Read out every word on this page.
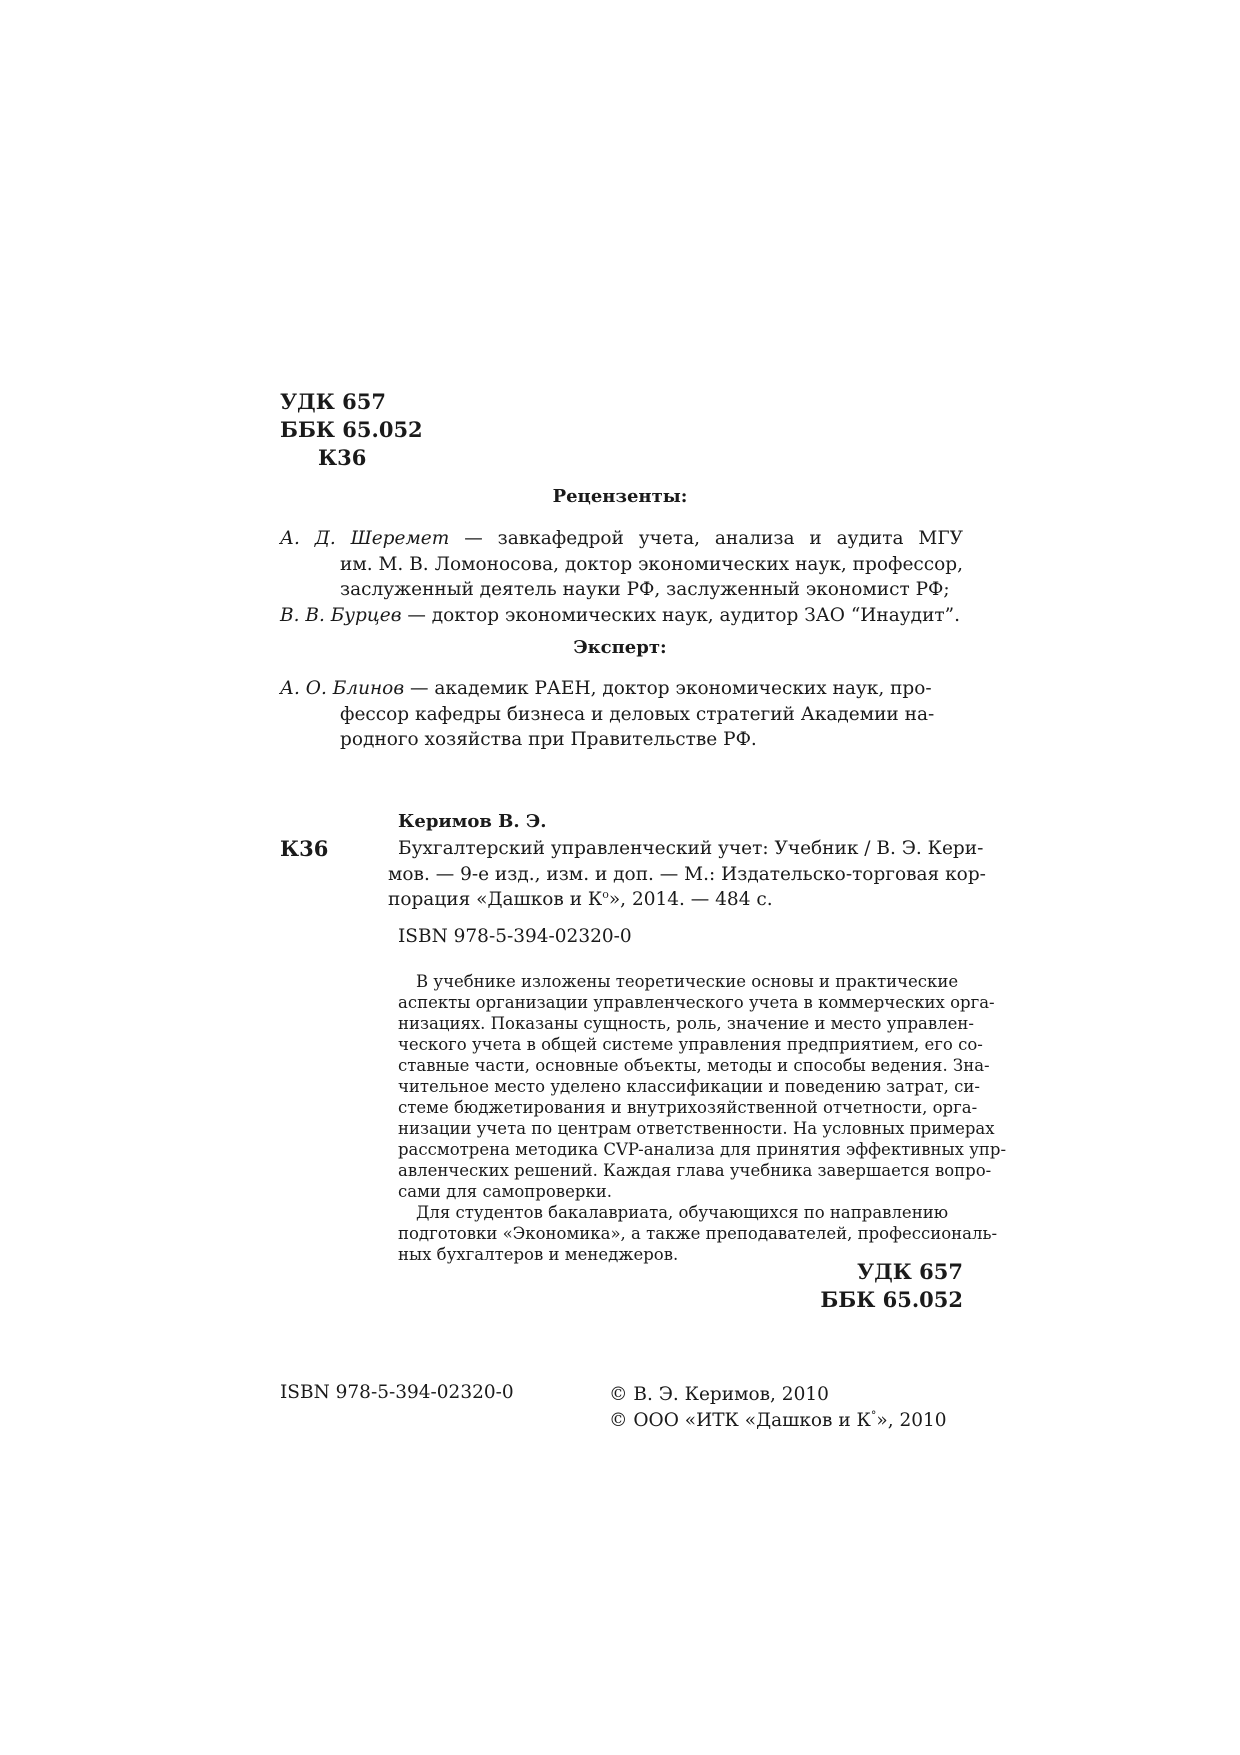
УДК 657
ББК 65.052
К36
Рецензенты:
А. Д. Шеремет — завкафедрой учета, анализа и аудита МГУ
им. М. В. Ломоносова, доктор экономических наук, профессор,
заслуженный деятель науки РФ, заслуженный экономист РФ;
В. В. Бурцев — доктор экономических наук, аудитор ЗАО “Инаудит”.
Эксперт:
А. О. Блинов — академик РАЕН, доктор экономических наук, про-
фессор кафедры бизнеса и деловых стратегий Академии на-
родного хозяйства при Правительстве РФ.
Керимов В. Э.
К36	Бухгалтерский управленческий учет: Учебник / В. Э. Кери-
мов. — 9-е изд., изм. и доп. — М.: Издательско-торговая кор-
порация «Дашков и $К^о$», 2014. — 484 с.
ISBN 978-5-394-02320-0
В учебнике изложены теоретические основы и практические
аспекты организации управленческого учета в коммерческих орга-
низациях. Показаны сущность, роль, значение и место управлен-
ческого учета в общей системе управления предприятием, его со-
ставные части, основные объекты, методы и способы ведения. Зна-
чительное место уделено классификации и поведению затрат, си-
стеме бюджетирования и внутрихозяйственной отчетности, орга-
низации учета по центрам ответственности. На условных примерах
рассмотрена методика CVP-анализа для принятия эффективных упр-
авленческих решений. Каждая глава учебника завершается вопро-
сами для самопроверки.
Для студентов бакалавриата, обучающихся по направлению
подготовки «Экономика», а также преподавателей, профессиональ-
ных бухгалтеров и менеджеров.
УДК 657
ББК 65.052
ISBN 978-5-394-02320-0	© В. Э. Керимов, 2010
© ООО «ИТК «Дашков и К°», 2010
